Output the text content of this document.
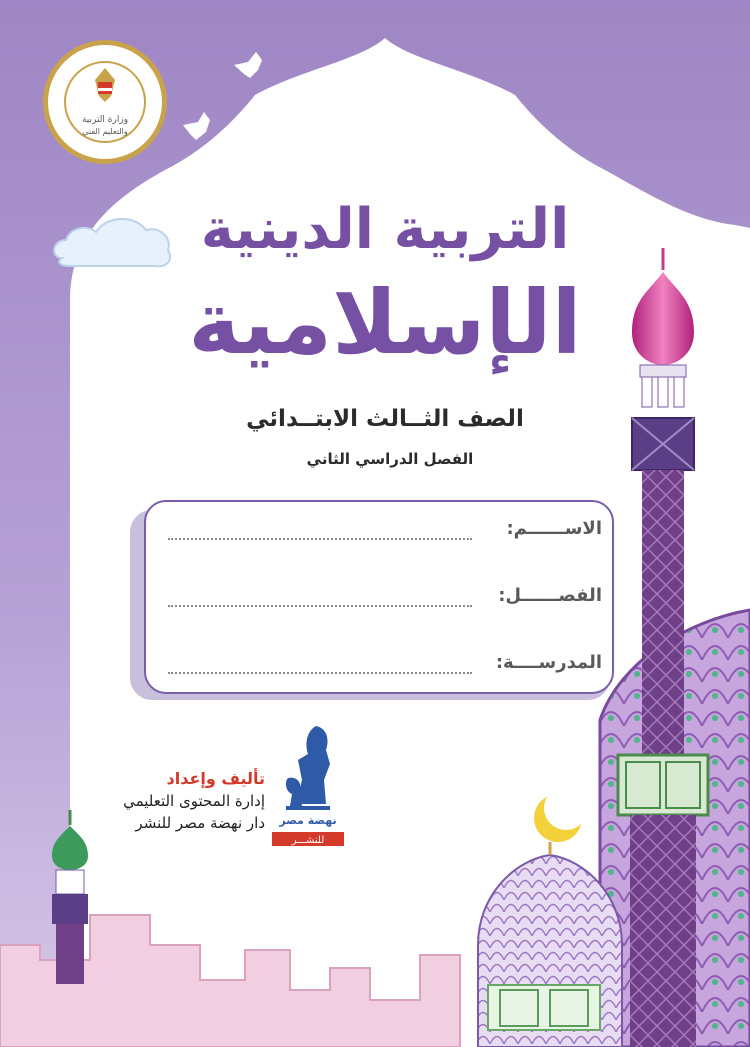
وزارة التربية
والتعليم الفني
التربية الدينية
الإسلامية
الصف الثــالث الابتــدائي
الفصل الدراسي الثاني
الاســــــم:
الفصــــــل:
المدرســــة:
نهضة مصر
للنشـــر
تأليف وإعداد
إدارة المحتوى التعليمي
دار نهضة مصر للنشر
